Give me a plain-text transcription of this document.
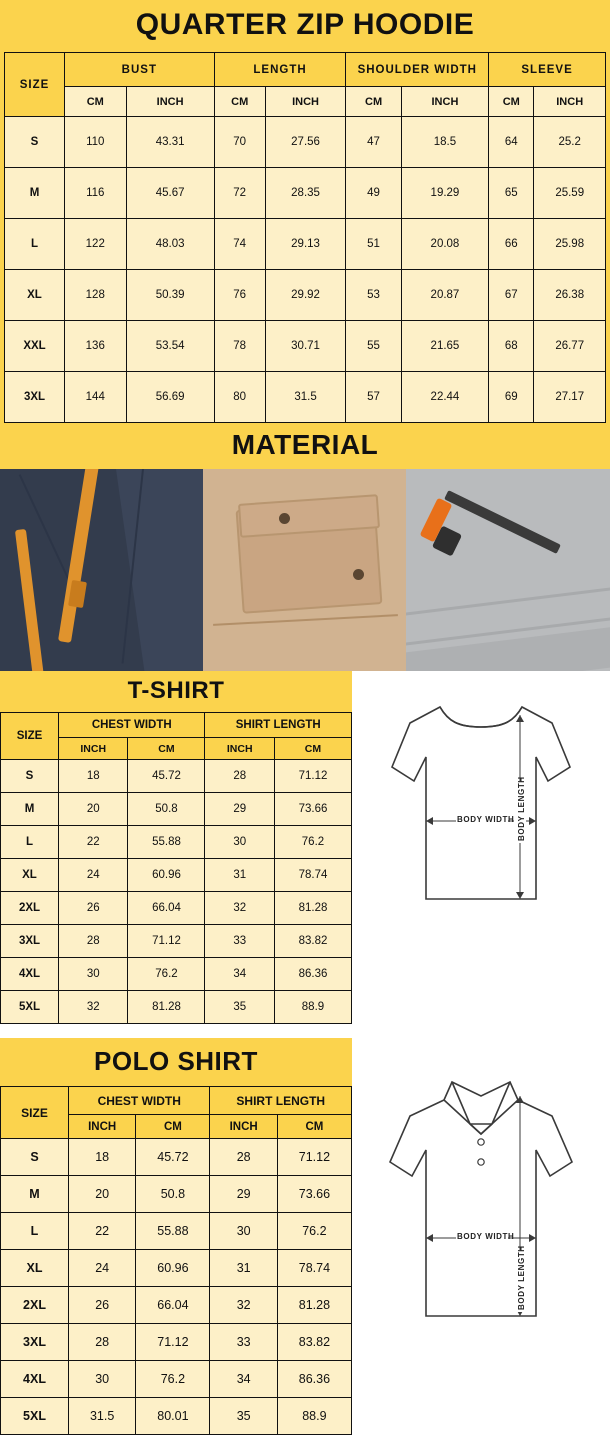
QUARTER ZIP HOODIE
SIZE	BUST		LENGTH		SHOULDER WIDTH		SLEEVE	
	CM	INCH	CM	INCH	CM	INCH	CM	INCH
S	110	43.31	70	27.56	47	18.5	64	25.2
M	116	45.67	72	28.35	49	19.29	65	25.59
L	122	48.03	74	29.13	51	20.08	66	25.98
XL	128	50.39	76	29.92	53	20.87	67	26.38
XXL	136	53.54	78	30.71	55	21.65	68	26.77
3XL	144	56.69	80	31.5	57	22.44	69	27.17
MATERIAL
T-SHIRT
SIZE	CHEST WIDTH		SHIRT LENGTH	
	INCH	CM	INCH	CM
S	18	45.72	28	71.12
M	20	50.8	29	73.66
L	22	55.88	30	76.2
XL	24	60.96	31	78.74
2XL	26	66.04	32	81.28
3XL	28	71.12	33	83.82
4XL	30	76.2	34	86.36
5XL	32	81.28	35	88.9
BODY WIDTH BODY LENGTH
POLO SHIRT
SIZE	CHEST WIDTH		SHIRT LENGTH	
	INCH	CM	INCH	CM
S	18	45.72	28	71.12
M	20	50.8	29	73.66
L	22	55.88	30	76.2
XL	24	60.96	31	78.74
2XL	26	66.04	32	81.28
3XL	28	71.12	33	83.82
4XL	30	76.2	34	86.36
5XL	31.5	80.01	35	88.9
BODY WIDTH
BODY LENGTH
